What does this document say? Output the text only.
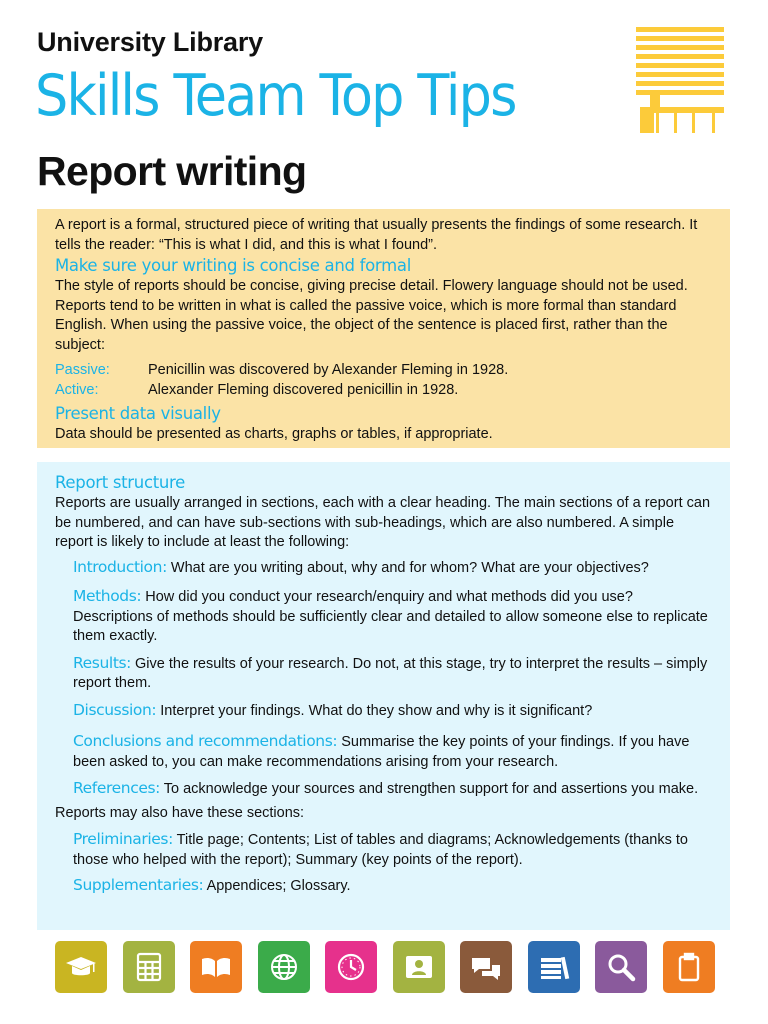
University Library
Skills Team Top Tips
Report writing
A report is a formal, structured piece of writing that usually presents the findings of some research. It tells the reader: “This is what I did, and this is what I found”.
Make sure your writing is concise and formal
The style of reports should be concise, giving precise detail. Flowery language should not be used. Reports tend to be written in what is called the passive voice, which is more formal than standard English. When using the passive voice, the object of the sentence is placed first, rather than the subject:
Passive:	Penicillin was discovered by Alexander Fleming in 1928.
Active:	Alexander Fleming discovered penicillin in 1928.
Present data visually
Data should be presented as charts, graphs or tables, if appropriate.
Report structure
Reports are usually arranged in sections, each with a clear heading. The main sections of a report can be numbered, and can have sub-sections with sub-headings, which are also numbered. A simple report is likely to include at least the following:
Introduction: What are you writing about, why and for whom? What are your objectives?
Methods: How did you conduct your research/enquiry and what methods did you use? Descriptions of methods should be sufficiently clear and detailed to allow someone else to replicate them exactly.
Results: Give the results of your research. Do not, at this stage, try to interpret the results – simply report them.
Discussion: Interpret your findings. What do they show and why is it significant?
Conclusions and recommendations: Summarise the key points of your findings. If you have been asked to, you can make recommendations arising from your research.
References: To acknowledge your sources and strengthen support for and assertions you make.
Reports may also have these sections:
Preliminaries: Title page; Contents; List of tables and diagrams; Acknowledgements (thanks to those who helped with the report); Summary (key points of the report).
Supplementaries: Appendices; Glossary.
